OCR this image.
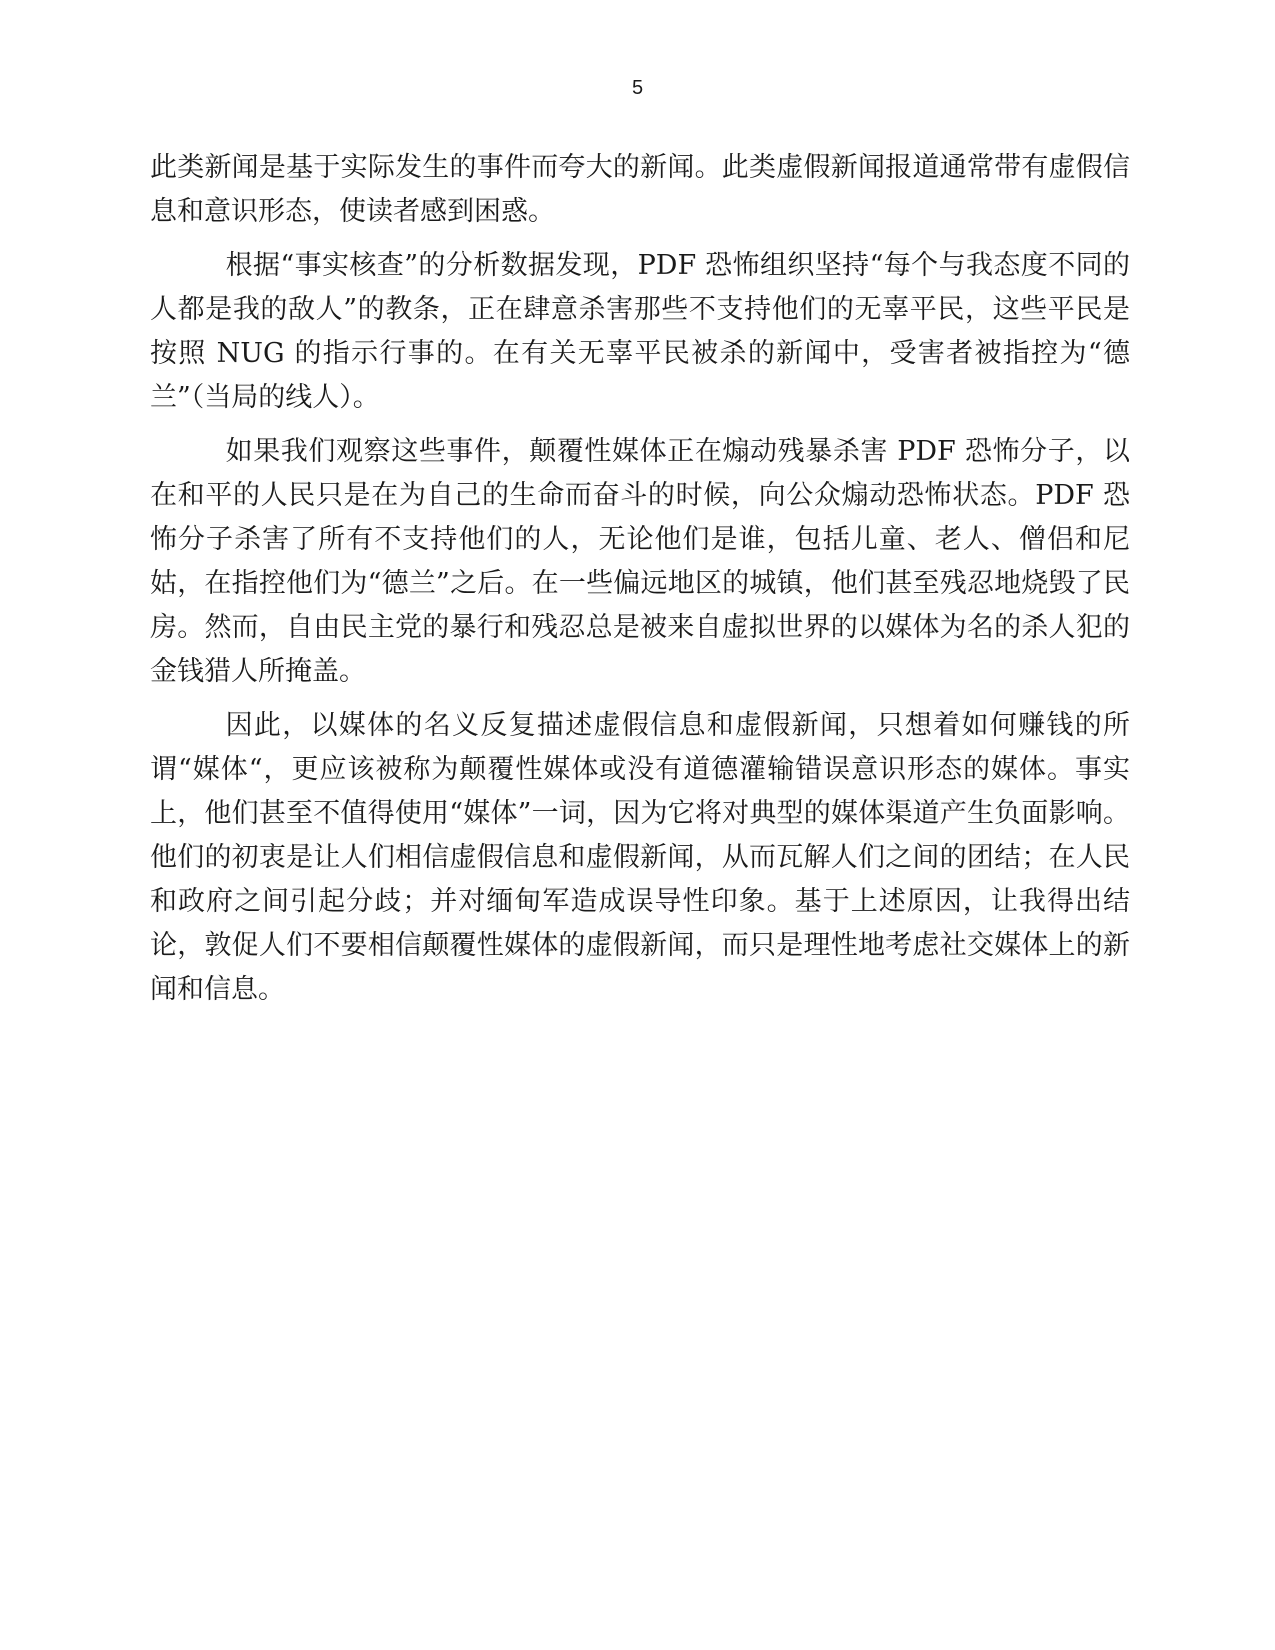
5

此类新闻是基于实际发生的事件而夸大的新闻。此类虚假新闻报道通常带有虚假信息和意识形态，使读者感到困惑。

根据“事实核查”的分析数据发现，PDF 恐怖组织坚持“每个与我态度不同的人都是我的敌人”的教条，正在肆意杀害那些不支持他们的无辜平民，这些平民是按照 NUG 的指示行事的。在有关无辜平民被杀的新闻中，受害者被指控为“德兰”（当局的线人）。

如果我们观察这些事件，颠覆性媒体正在煽动残暴杀害 PDF 恐怖分子，以在和平的人民只是在为自己的生命而奋斗的时候，向公众煽动恐怖状态。PDF 恐怖分子杀害了所有不支持他们的人，无论他们是谁，包括儿童、老人、僧侣和尼姑，在指控他们为“德兰”之后。在一些偏远地区的城镇，他们甚至残忍地烧毁了民房。然而，自由民主党的暴行和残忍总是被来自虚拟世界的以媒体为名的杀人犯的金钱猎人所掩盖。

因此，以媒体的名义反复描述虚假信息和虚假新闻，只想着如何赚钱的所谓“媒体“，更应该被称为颠覆性媒体或没有道德灌输错误意识形态的媒体。事实上，他们甚至不值得使用“媒体”一词，因为它将对典型的媒体渠道产生负面影响。他们的初衷是让人们相信虚假信息和虚假新闻，从而瓦解人们之间的团结；在人民和政府之间引起分歧；并对缅甸军造成误导性印象。基于上述原因，让我得出结论，敦促人们不要相信颠覆性媒体的虚假新闻，而只是理性地考虑社交媒体上的新闻和信息。
